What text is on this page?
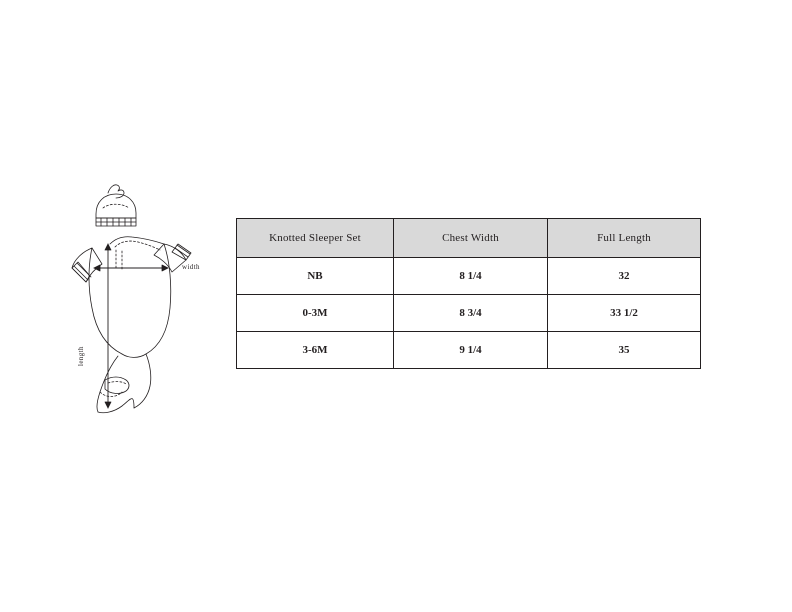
width
length
Knotted Sleeper Set	Chest Width	Full Length
NB	8 1/4	32
0-3M	8 3/4	33 1/2
3-6M	9 1/4	35
